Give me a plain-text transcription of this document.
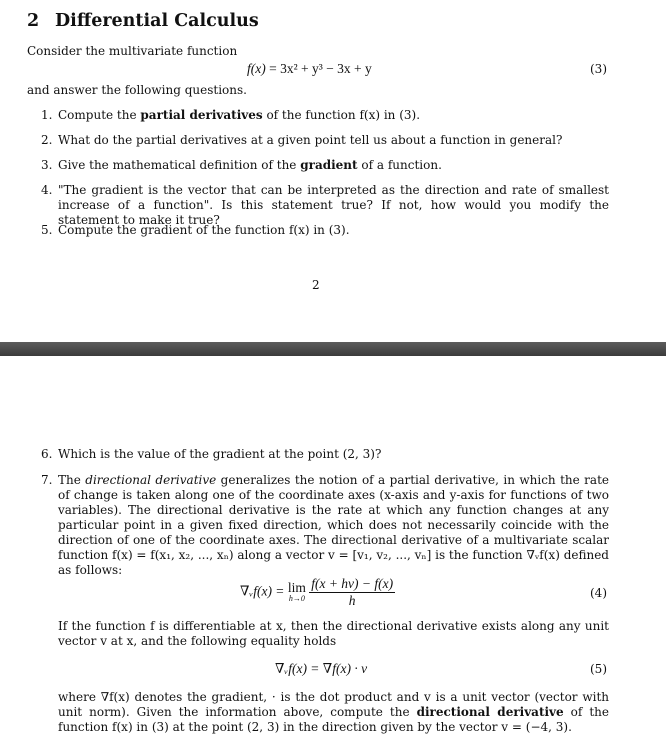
2 Differential Calculus
Consider the multivariate function
f(x) = 3x² + y³ − 3x + y	(3)
and answer the following questions.
1. Compute the partial derivatives of the function f(x) in (3).
2. What do the partial derivatives at a given point tell us about a function in general?
3. Give the mathematical definition of the gradient of a function.
4. "The gradient is the vector that can be interpreted as the direction and rate of smallest increase of a function". Is this statement true? If not, how would you modify the statement to make it true?
5. Compute the gradient of the function f(x) in (3).
2
6. Which is the value of the gradient at the point (2, 3)?
7. The directional derivative generalizes the notion of a partial derivative, in which the rate of change is taken along one of the coordinate axes (x-axis and y-axis for functions of two variables). The directional derivative is the rate at which any function changes at any particular point in a given fixed direction, which does not necessarily coincide with the direction of one of the coordinate axes. The directional derivative of a multivariate scalar function f(x) = f(x₁, x₂, ..., xₙ) along a vector v = [v₁, v₂, ..., vₙ] is the function ∇ᵥf(x) defined as follows:
∇ᵥf(x) = lim
h→0
$\frac{f(x + hv) - f(x)}{h}$	(4)
If the function f is differentiable at x, then the directional derivative exists along any unit vector v at x, and the following equality holds
∇ᵥf(x) = ∇f(x) · v	(5)
where ∇f(x) denotes the gradient, · is the dot product and v is a unit vector (vector with unit norm). Given the information above, compute the directional derivative of the function f(x) in (3) at the point (2, 3) in the direction given by the vector v = (−4, 3).
